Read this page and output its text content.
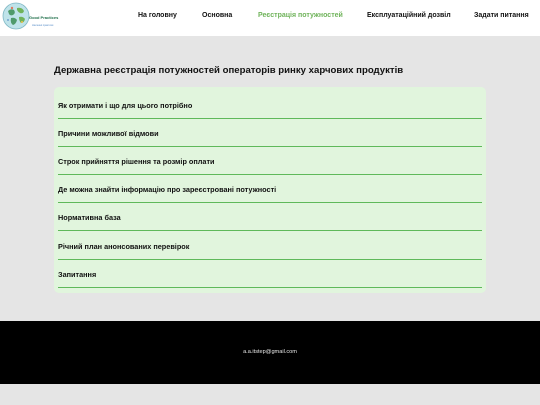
Good Practices
Належні практики
На головну	Основна	Реєстрація потужностей	Експлуатаційний дозвіл	Задати питання
Державна реєстрація потужностей операторів ринку харчових продуктів
Як отримати і що для цього потрібно
Причини можливої відмови
Строк прийняття рішення та розмір оплати
Де можна знайти інформацію про зареєстровані потужності
Нормативна база
Річний план анонсованих перевірок
Запитання
a.a.itstep@gmail.com
